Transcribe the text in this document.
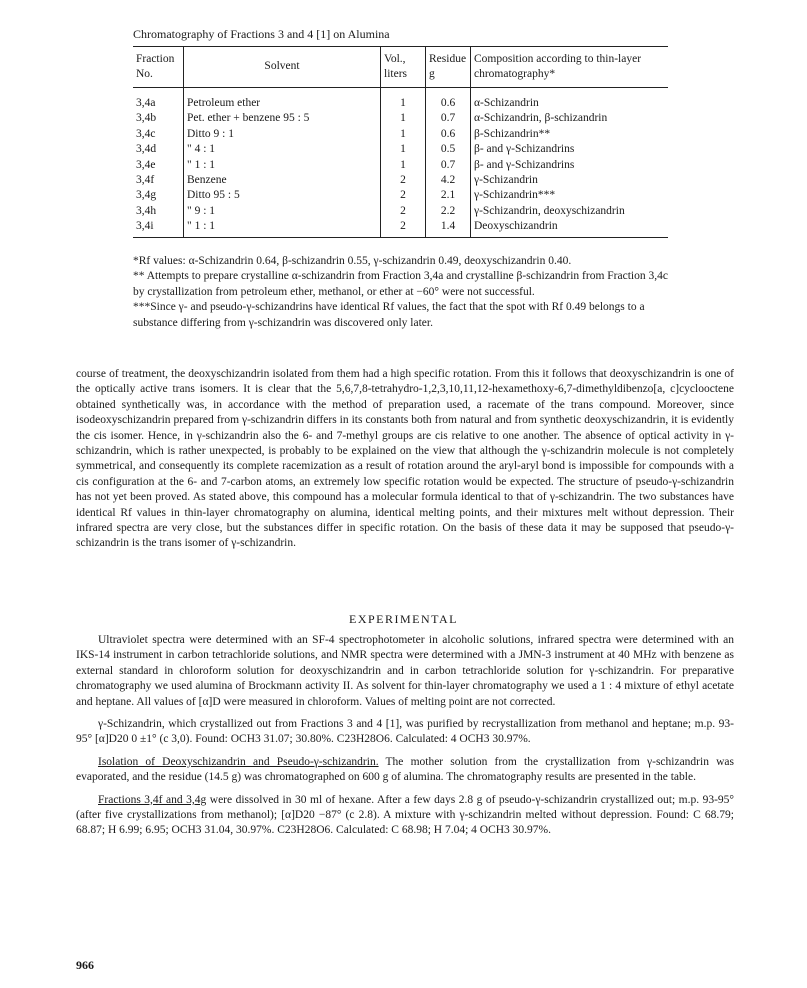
Chromatography of Fractions 3 and 4 [1] on Alumina
Fraction No.	Solvent	Vol., liters	Residue g	Composition according to thin-layer chromatography*
3,4a	Petroleum ether	1	0.6	α-Schizandrin
3,4b	Pet. ether + benzene 95 : 5	1	0.7	α-Schizandrin, β-schizandrin
3,4c	Ditto 9 : 1	1	0.6	β-Schizandrin**
3,4d	" 4 : 1	1	0.5	β- and γ-Schizandrins
3,4e	" 1 : 1	1	0.7	β- and γ-Schizandrins
3,4f	Benzene	2	4.2	γ-Schizandrin
3,4g	Ditto 95 : 5	2	2.1	γ-Schizandrin***
3,4h	" 9 : 1	2	2.2	γ-Schizandrin, deoxyschizandrin
3,4i	" 1 : 1	2	1.4	Deoxyschizandrin

*Rf values: α-Schizandrin 0.64, β-schizandrin 0.55, γ-schizandrin 0.49, deoxyschizandrin 0.40.

** Attempts to prepare crystalline α-schizandrin from Fraction 3,4a and crystalline β-schizandrin from Fraction 3,4c by crystallization from petroleum ether, methanol, or ether at −60° were not successful.

***Since γ- and pseudo-γ-schizandrins have identical Rf values, the fact that the spot with Rf 0.49 belongs to a substance differing from γ-schizandrin was discovered only later.

course of treatment, the deoxyschizandrin isolated from them had a high specific rotation. From this it follows that deoxyschizandrin is one of the optically active trans isomers. It is clear that the 5,6,7,8-tetrahydro-1,2,3,10,11,12-hexamethoxy-6,7-dimethyldibenzo[a, c]cyclooctene obtained synthetically was, in accordance with the method of preparation used, a racemate of the trans compound. Moreover, since isodeoxyschizandrin prepared from γ-schizandrin differs in its constants both from natural and from synthetic deoxyschizandrin, it is evidently the cis isomer. Hence, in γ-schizandrin also the 6- and 7-methyl groups are cis relative to one another. The absence of optical activity in γ-schizandrin, which is rather unexpected, is probably to be explained on the view that although the γ-schizandrin molecule is not completely symmetrical, and consequently its complete racemization as a result of rotation around the aryl-aryl bond is impossible for compounds with a cis configuration at the 6- and 7-carbon atoms, an extremely low specific rotation would be expected. The structure of pseudo-γ-schizandrin has not yet been proved. As stated above, this compound has a molecular formula identical to that of γ-schizandrin. The two substances have identical Rf values in thin-layer chromatography on alumina, identical melting points, and their mixtures melt without depression. Their infrared spectra are very close, but the substances differ in specific rotation. On the basis of these data it may be supposed that pseudo-γ-schizandrin is the trans isomer of γ-schizandrin.

EXPERIMENTAL

Ultraviolet spectra were determined with an SF-4 spectrophotometer in alcoholic solutions, infrared spectra were determined with an IKS-14 instrument in carbon tetrachloride solutions, and NMR spectra were determined with a JMN-3 instrument at 40 MHz with benzene as external standard in chloroform solution for deoxyschizandrin and in carbon tetrachloride solution for γ-schizandrin. For preparative chromatography we used alumina of Brockmann activity II. As solvent for thin-layer chromatography we used a 1 : 4 mixture of ethyl acetate and heptane. All values of [α]D were measured in chloroform. Values of melting point are not corrected.

γ-Schizandrin, which crystallized out from Fractions 3 and 4 [1], was purified by recrystallization from methanol and heptane; m.p. 93-95° [α]D20 0 ±1° (c 3,0). Found: OCH3 31.07; 30.80%. C23H28O6. Calculated: 4 OCH3 30.97%.

Isolation of Deoxyschizandrin and Pseudo-γ-schizandrin. The mother solution from the crystallization from γ-schizandrin was evaporated, and the residue (14.5 g) was chromatographed on 600 g of alumina. The chromatography results are presented in the table.

Fractions 3,4f and 3,4g were dissolved in 30 ml of hexane. After a few days 2.8 g of pseudo-γ-schizandrin crystallized out; m.p. 93-95° (after five crystallizations from methanol); [α]D20 −87° (c 2.8). A mixture with γ-schizandrin melted without depression. Found: C 68.79; 68.87; H 6.99; 6.95; OCH3 31.04, 30.97%. C23H28O6. Calculated: C 68.98; H 7.04; 4 OCH3 30.97%.

966
